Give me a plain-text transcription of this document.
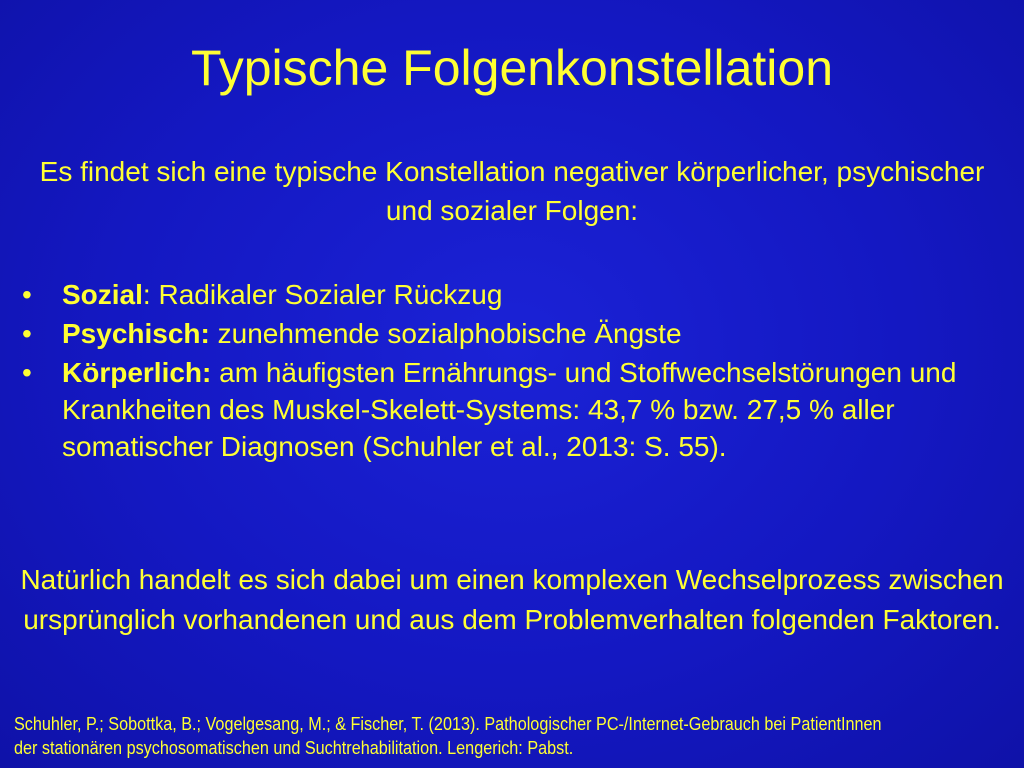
Typische Folgenkonstellation
Es findet sich eine typische Konstellation negativer körperlicher, psychischer und sozialer Folgen:
• Sozial: Radikaler Sozialer Rückzug
• Psychisch: zunehmende sozialphobische Ängste
• Körperlich: am häufigsten Ernährungs- und Stoffwechselstörungen und Krankheiten des Muskel-Skelett-Systems: 43,7 % bzw. 27,5 % aller somatischer Diagnosen (Schuhler et al., 2013: S. 55).
Natürlich handelt es sich dabei um einen komplexen Wechselprozess zwischen ursprünglich vorhandenen und aus dem Problemverhalten folgenden Faktoren.
Schuhler, P.; Sobottka, B.; Vogelgesang, M.; & Fischer, T. (2013). Pathologischer PC-/Internet-Gebrauch bei PatientInnen
der stationären psychosomatischen und Suchtrehabilitation. Lengerich: Pabst.
